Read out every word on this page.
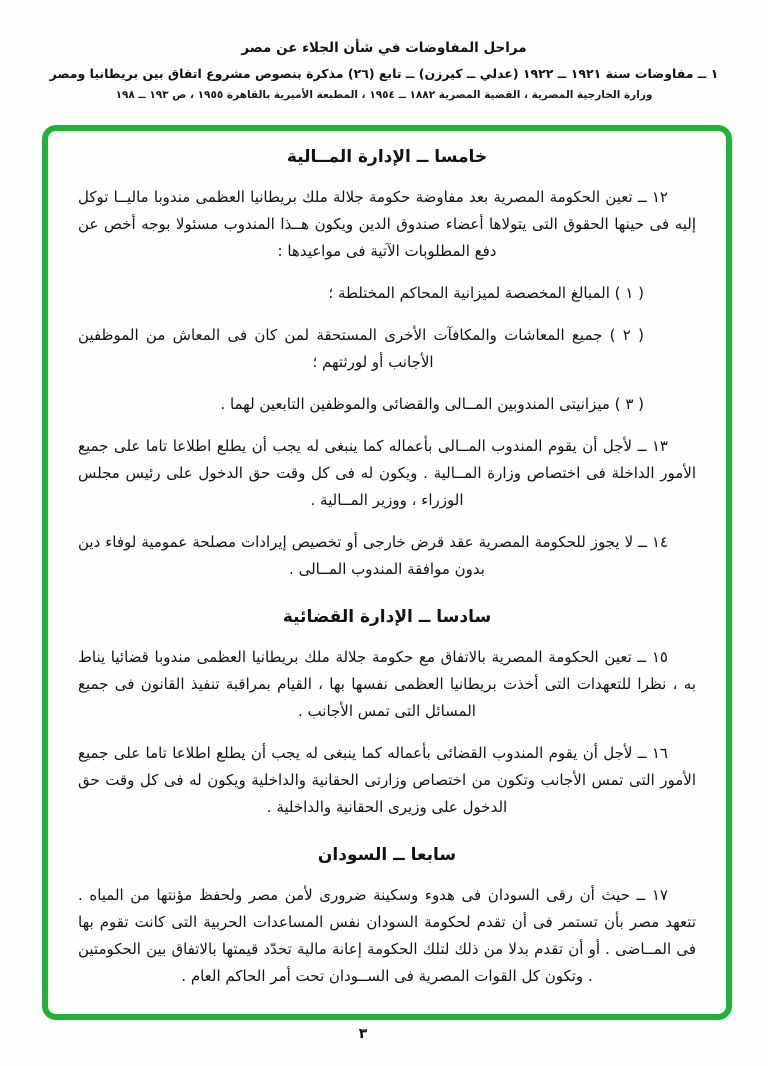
مراحل المفاوضات في شأن الجلاء عن مصر
١ ــ مفاوضات سنة ١٩٢١ ــ ١٩٢٢ (عدلي ــ كيرزن) ــ تابع (٢٦) مذكرة بنصوص مشروع اتفاق بين بريطانيا ومصر
وزارة الخارجية المصرية ، القضية المصرية ١٨٨٢ ــ ١٩٥٤ ، المطبعة الأميرية بالقاهرة ١٩٥٥ ، ص ١٩٣ ــ ١٩٨
خامسا ــ الإدارة المــالية

١٢ ــ تعين الحكومة المصرية بعد مفاوضة حكومة جلالة ملك بريطانيا العظمى مندوبا ماليــا توكل إليه فى حينها الحقوق التى يتولاها أعضاء صندوق الدين ويكون هــذا المندوب مسئولا بوجه أخص عن دفع المطلوبات الآتية فى مواعيدها :

( ١ ) المبالغ المخصصة لميزانية المحاكم المختلطة ؛

( ٢ ) جميع المعاشات والمكافآت الأخرى المستحقة لمن كان فى المعاش من الموظفين الأجانب أو لورثتهم ؛

( ٣ ) ميزانيتى المندوبين المــالى والقضائى والموظفين التابعين لهما .

١٣ ــ لأجل أن يقوم المندوب المــالى بأعماله كما ينبغى له يجب أن يطلع اطلاعا تاما على جميع الأمور الداخلة فى اختصاص وزارة المــالية . ويكون له فى كل وقت حق الدخول على رئيس مجلس الوزراء ، ووزير المــالية .

١٤ ــ لا يجوز للحكومة المصرية عقد قرض خارجى أو تخصيص إيرادات مصلحة عمومية لوفاء دين بدون موافقة المندوب المــالى .

سادسا ــ الإدارة القضائية

١٥ ــ تعين الحكومة المصرية بالاتفاق مع حكومة جلالة ملك بريطانيا العظمى مندوبا قضائيا يناط به ، نظرا للتعهدات التى أخذت بريطانيا العظمى نفسها بها ، القيام بمراقبة تنفيذ القانون فى جميع المسائل التى تمس الأجانب .

١٦ ــ لأجل أن يقوم المندوب القضائى بأعماله كما ينبغى له يجب أن يطلع اطلاعا تاما على جميع الأمور التى تمس الأجانب وتكون من اختصاص وزارتى الحقانية والداخلية ويكون له فى كل وقت حق الدخول على وزيرى الحقانية والداخلية .

سابعا ــ السودان

١٧ ــ حيث أن رقى السودان فى هدوء وسكينة ضرورى لأمن مصر ولحفظ مؤنتها من المياه . تتعهد مصر بأن تستمر فى أن تقدم لحكومة السودان نفس المساعدات الحربية التى كانت تقوم بها فى المــاضى . أو أن تقدم بدلا من ذلك لتلك الحكومة إعانة مالية تحدّد قيمتها بالاتفاق بين الحكومتين . وتكون كل القوات المصرية فى الســودان تحت أمر الحاكم العام .

٣
